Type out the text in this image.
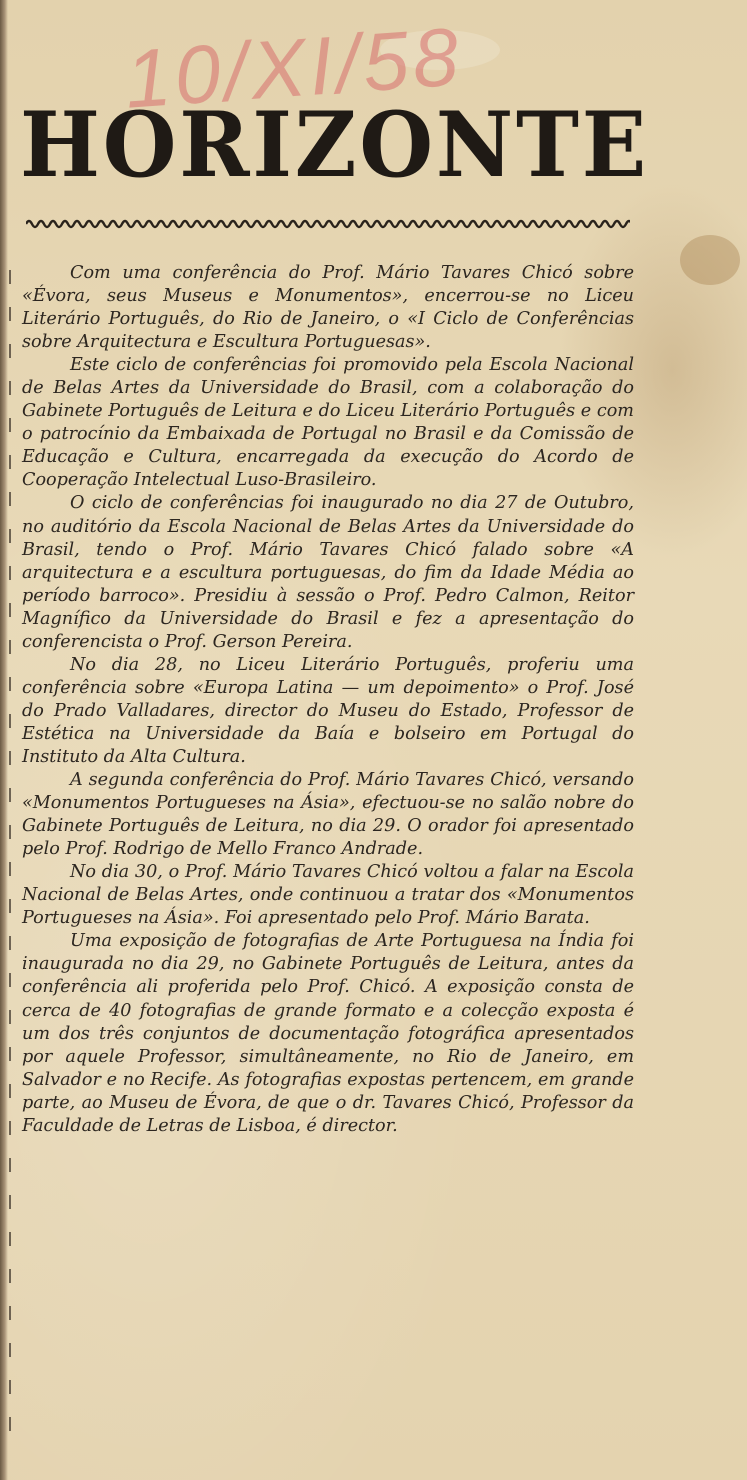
10/XI/58
HORIZONTE

Com uma conferência do Prof. Mário Tavares Chicó sobre «Évora, seus Museus e Monumentos», encerrou-se no Liceu Literário Português, do Rio de Janeiro, o «I Ciclo de Conferências sobre Arquitectura e Escultura Portuguesas».

Este ciclo de conferências foi promovido pela Escola Nacional de Belas Artes da Universidade do Brasil, com a colaboração do Gabinete Português de Leitura e do Liceu Literário Português e com o patrocínio da Embaixada de Portugal no Brasil e da Comissão de Educação e Cultura, encarregada da execução do Acordo de Cooperação Intelectual Luso-Brasileiro.

O ciclo de conferências foi inaugurado no dia 27 de Outubro, no auditório da Escola Nacional de Belas Artes da Universidade do Brasil, tendo o Prof. Mário Tavares Chicó falado sobre «A arquitectura e a escultura portuguesas, do fim da Idade Média ao período barroco». Presidiu à sessão o Prof. Pedro Calmon, Reitor Magnífico da Universidade do Brasil e fez a apresentação do conferencista o Prof. Gerson Pereira.

No dia 28, no Liceu Literário Português, proferiu uma conferência sobre «Europa Latina — um depoimento» o Prof. José do Prado Valladares, director do Museu do Estado, Professor de Estética na Universidade da Baía e bolseiro em Portugal do Instituto da Alta Cultura.

A segunda conferência do Prof. Mário Tavares Chicó, versando «Monumentos Portugueses na Ásia», efectuou-se no salão nobre do Gabinete Português de Leitura, no dia 29. O orador foi apresentado pelo Prof. Rodrigo de Mello Franco Andrade.

No dia 30, o Prof. Mário Tavares Chicó voltou a falar na Escola Nacional de Belas Artes, onde continuou a tratar dos «Monumentos Portugueses na Ásia». Foi apresentado pelo Prof. Mário Barata.

Uma exposição de fotografias de Arte Portuguesa na Índia foi inaugurada no dia 29, no Gabinete Português de Leitura, antes da conferência ali proferida pelo Prof. Chicó. A exposição consta de cerca de 40 fotografias de grande formato e a colecção exposta é um dos três conjuntos de documentação fotográfica apresentados por aquele Professor, simultâneamente, no Rio de Janeiro, em Salvador e no Recife. As fotografias expostas pertencem, em grande parte, ao Museu de Évora, de que o dr. Tavares Chicó, Professor da Faculdade de Letras de Lisboa, é director.
